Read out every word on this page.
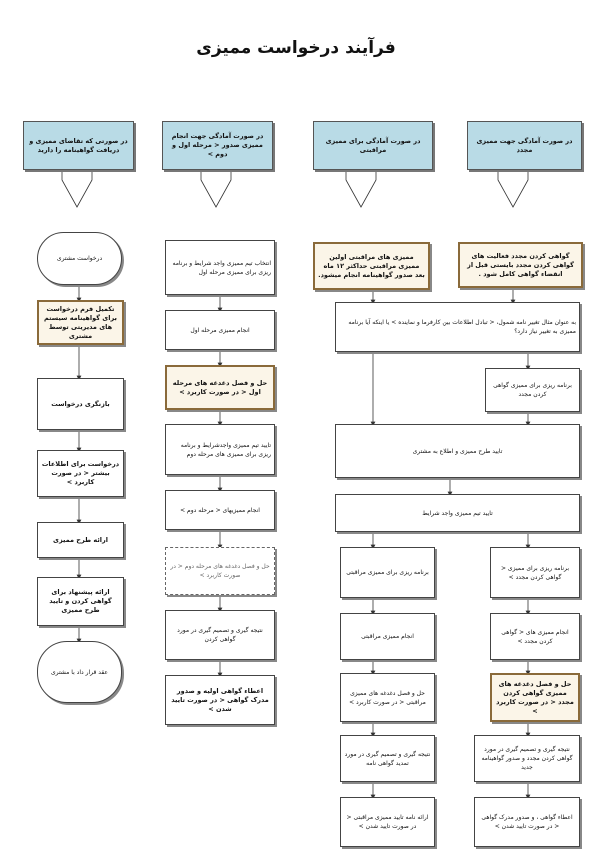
فرآیند درخواست ممیزی
در صورتی که تقاضای ممیزی و دریافت گواهینامه را دارید
در صورت آمادگی جهت انجام ممیزی صدور < مرحله اول و دوم >
در صورت آمادگی برای ممیزی مراقبتی
در صورت آمادگی جهت ممیزی مجدد
درخواست مشتری
تکمیل فرم درخواست برای گواهینامه سیستم های مدیریتی توسط مشتری
بازنگری درخواست
درخواست برای اطلاعات بیشتر < در صورت کاربرد >
ارائه طرح ممیزی
ارائه پیشنهاد برای گواهی کردن و تایید طرح ممیزی
عقد قرار داد با مشتری
انتخاب تیم ممیزی واجد شرایط و برنامه ریزی برای ممیزی مرحله اول
انجام ممیزی مرحله اول
حل و فصل دغدغه های مرحله اول < در صورت کاربرد >
تایید تیم ممیزی واجدشرایط و برنامه ریزی برای ممیزی های مرحله دوم
انجام ممیزیهای < مرحله دوم >
حل و فصل دغدغه های مرحله دوم < در صورت کاربرد >
نتیجه گیری و تصمیم گیری در مورد گواهی کردن
اعطاء گواهی اولیه و صدور مدرک گواهی < در صورت تایید شدن >
ممیزی های مراقبتی اولین ممیزی مراقبتی حداکثر ۱۲ ماه بعد صدور گواهینامه انجام میشود.
گواهی کردن مجدد فعالیت های گواهی کردن مجدد بایستی قبل از انقضاء گواهی کامل شود .
به عنوان مثال تغییر نامه شمول، < تبادل اطلاعات بین کارفرما و نماینده > یا اینکه آیا برنامه ممیزی به تغییر نیاز دارد؟
برنامه ریزی برای ممیزی گواهی کردن مجدد
تایید طرح ممیزی و اطلاع به مشتری
تایید تیم ممیزی واجد شرایط
برنامه ریزی برای ممیزی مراقبتی
انجام ممیزی مراقبتی
حل و فصل دغدغه های ممیزی مراقبتی < در صورت کاربرد >
نتیجه گیری و تصمیم گیری در مورد تمدید گواهی نامه
ارائه نامه تایید ممیزی مراقبتی < در صورت تایید شدن >
برنامه ریزی برای ممیزی < گواهی کردن مجدد >
انجام ممیزی های < گواهی کردن مجدد >
حل و فصل دغدغه های ممیزی گواهی کردن مجدد < در صورت کاربرد >
نتیجه گیری و تصمیم گیری در مورد گواهی کردن مجدد و صدور گواهینامه جدید
اعطاء گواهی ، و صدور مدرک گواهی < در صورت تایید شدن >
